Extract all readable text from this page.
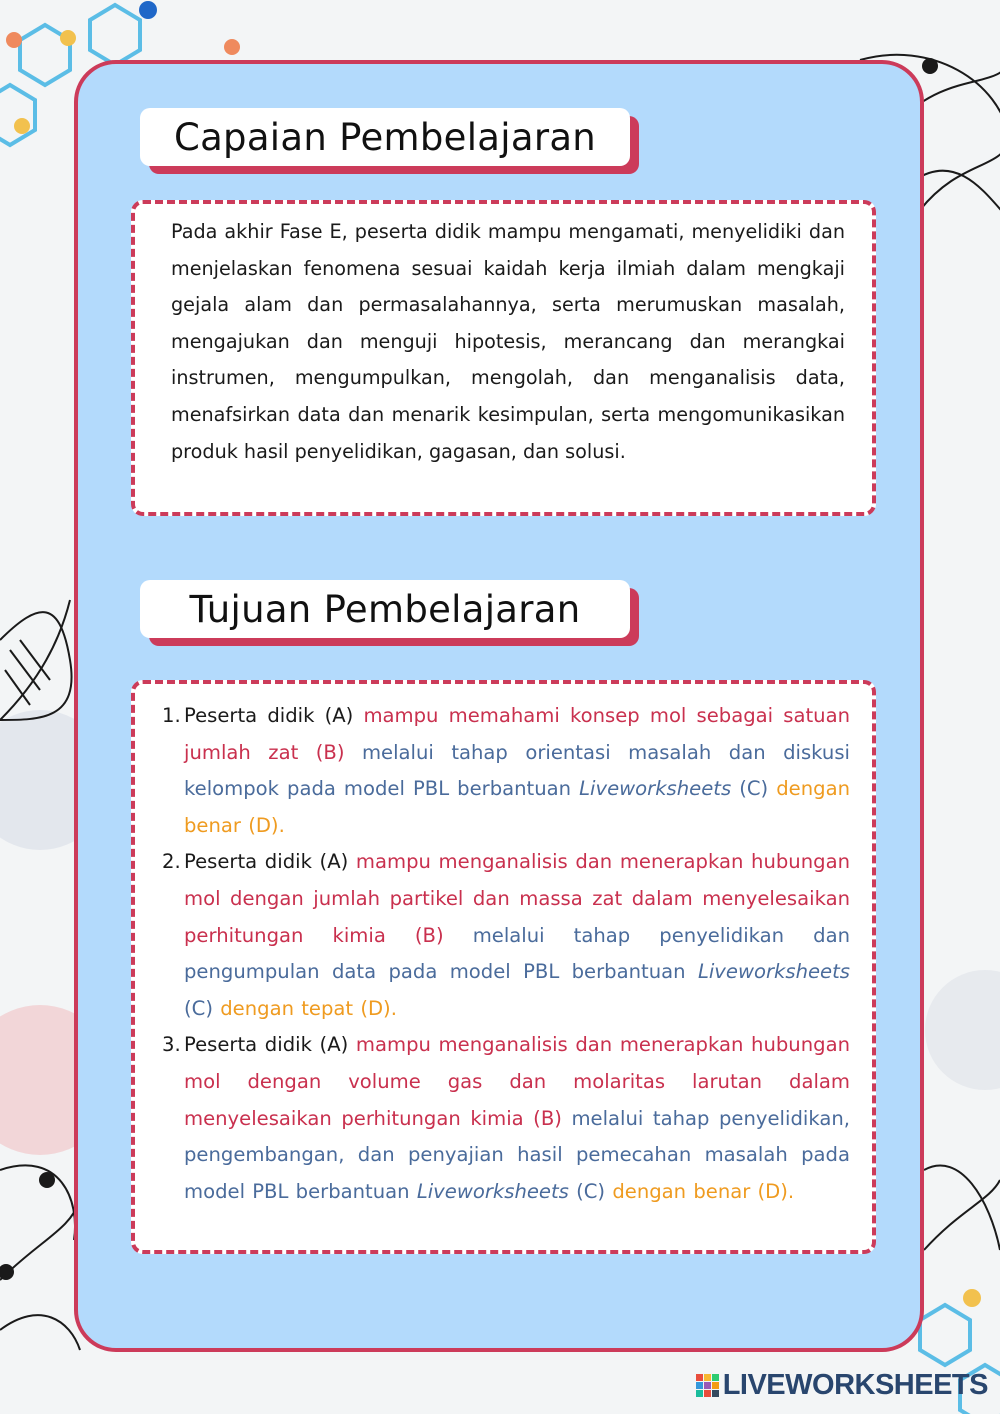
Capaian Pembelajaran
Pada akhir Fase E, peserta didik mampu mengamati, menyelidiki dan menjelaskan fenomena sesuai kaidah kerja ilmiah dalam mengkaji gejala alam dan permasalahannya, serta merumuskan masalah, mengajukan dan menguji hipotesis, merancang dan merangkai instrumen, mengumpulkan, mengolah, dan menganalisis data, menafsirkan data dan menarik kesimpulan, serta mengomunikasikan produk hasil penyelidikan, gagasan, dan solusi.
Tujuan Pembelajaran
1. Peserta didik (A) mampu memahami konsep mol sebagai satuan jumlah zat (B) melalui tahap orientasi masalah dan diskusi kelompok pada model PBL berbantuan Liveworksheets (C) dengan benar (D).
2. Peserta didik (A) mampu menganalisis dan menerapkan hubungan mol dengan jumlah partikel dan massa zat dalam menyelesaikan perhitungan kimia (B) melalui tahap penyelidikan dan pengumpulan data pada model PBL berbantuan Liveworksheets (C) dengan tepat (D).
3. Peserta didik (A) mampu menganalisis dan menerapkan hubungan mol dengan volume gas dan molaritas larutan dalam menyelesaikan perhitungan kimia (B) melalui tahap penyelidikan, pengembangan, dan penyajian hasil pemecahan masalah pada model PBL berbantuan Liveworksheets (C) dengan benar (D).
LIVEWORKSHEETS
